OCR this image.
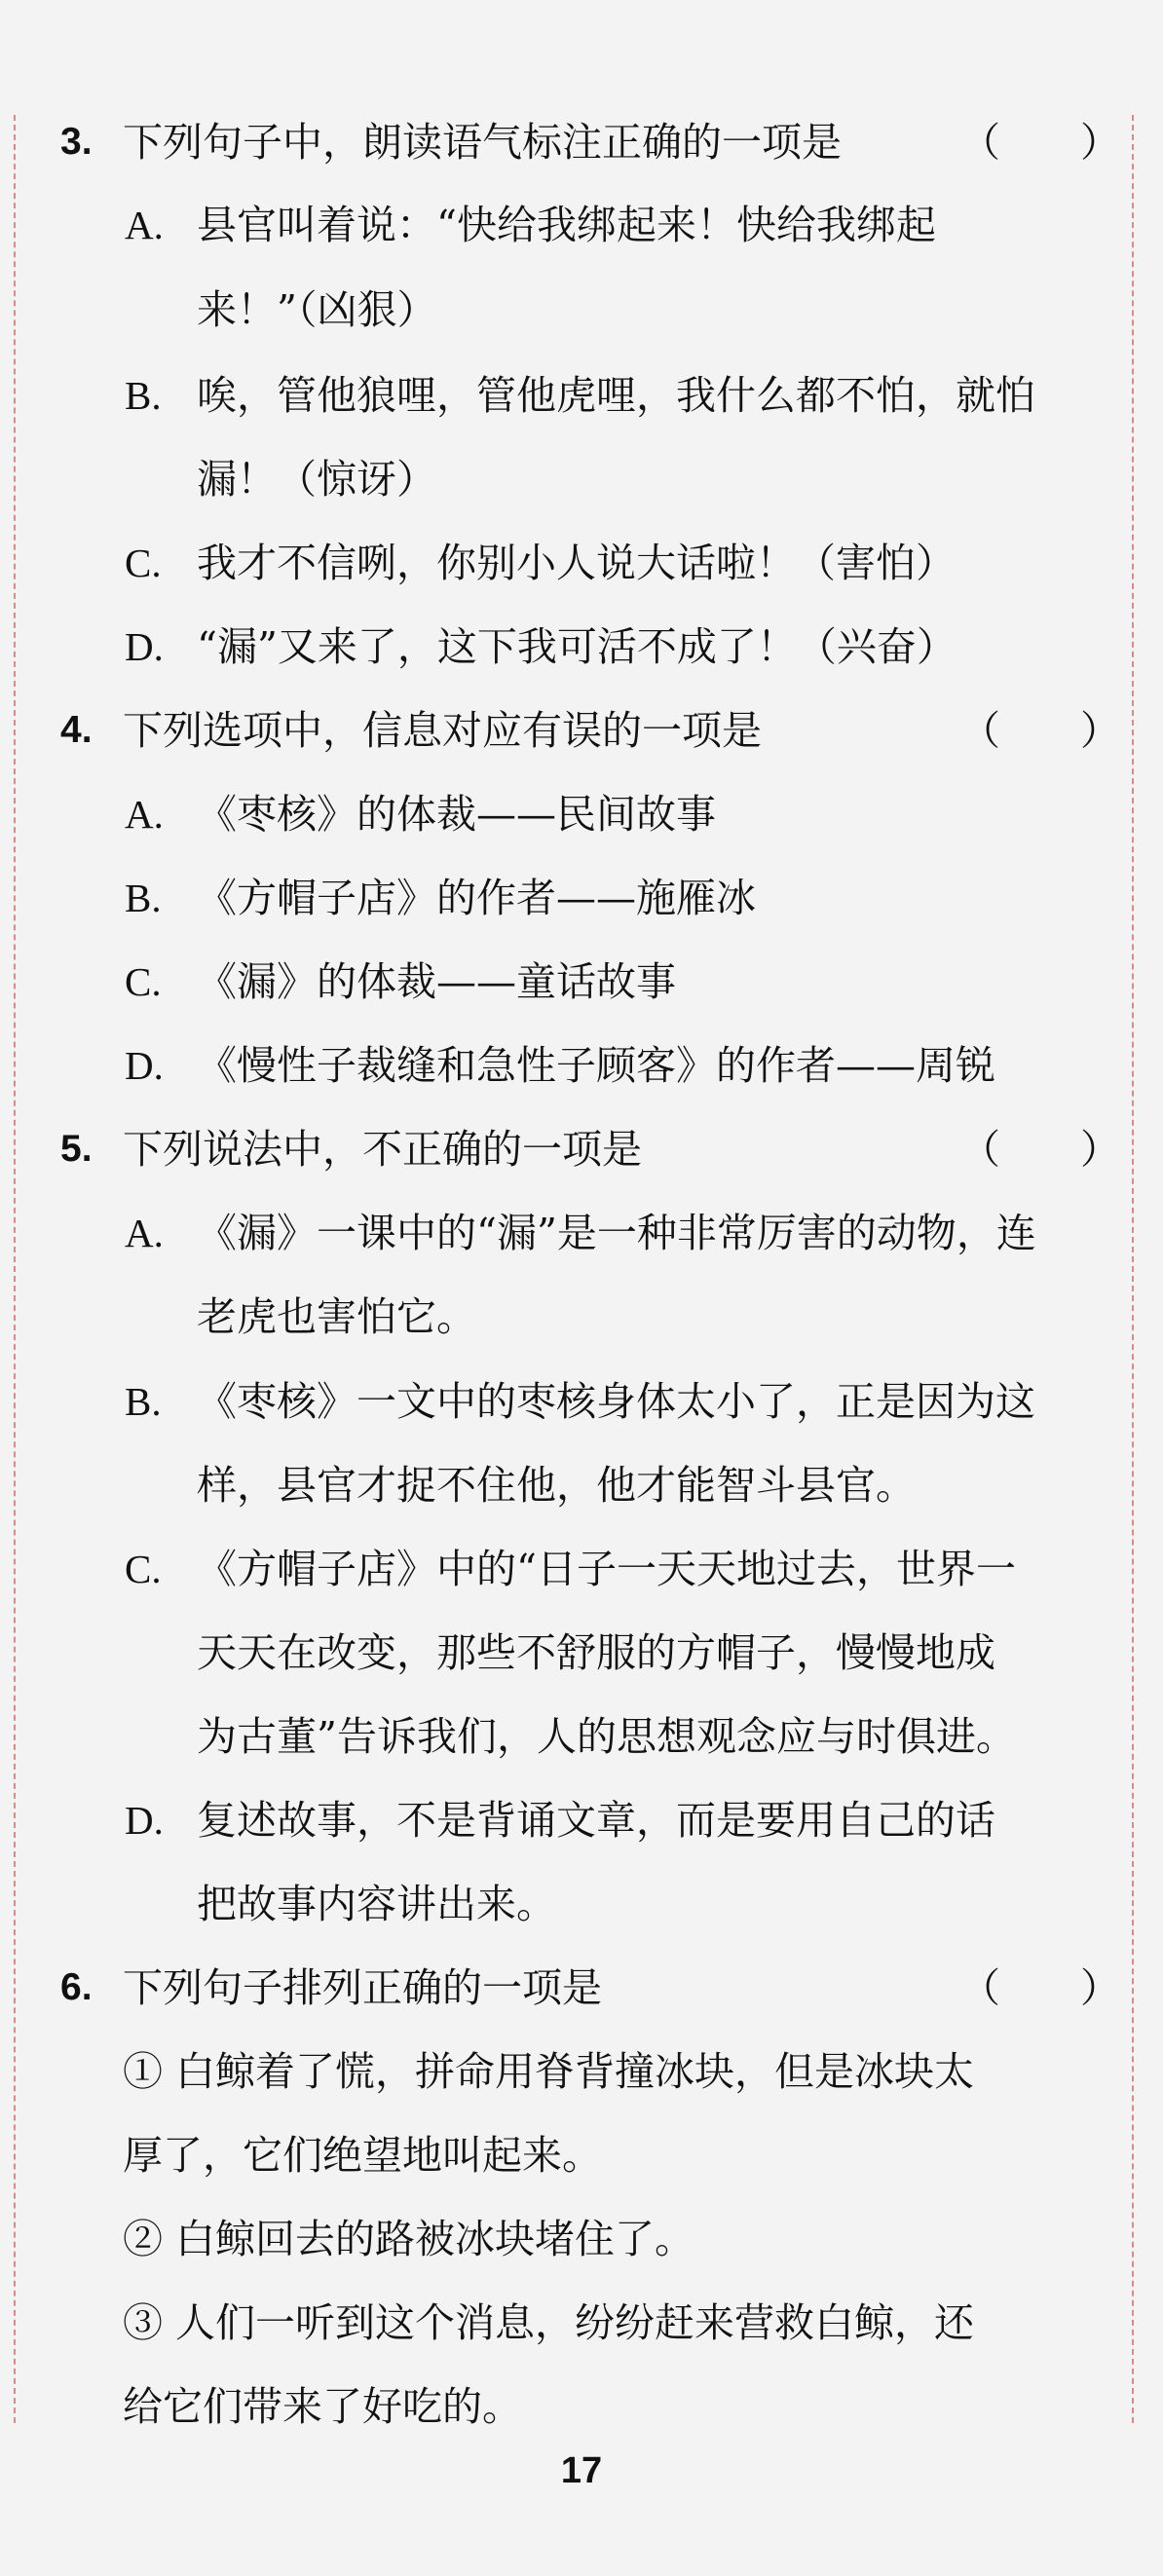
3. 下列句子中，朗读语气标注正确的一项是	（　　）
A. 县官叫着说：“快给我绑起来！快给我绑起
来！”（凶狠）
B. 唉，管他狼哩，管他虎哩，我什么都不怕，就怕
漏！（惊讶）
C. 我才不信咧，你别小人说大话啦！（害怕）
D. “漏”又来了，这下我可活不成了！（兴奋）
4. 下列选项中，信息对应有误的一项是	（　　）
A. 《枣核》的体裁——民间故事
B. 《方帽子店》的作者——施雁冰
C. 《漏》的体裁——童话故事
D. 《慢性子裁缝和急性子顾客》的作者——周锐
5. 下列说法中，不正确的一项是	（　　）
A. 《漏》一课中的“漏”是一种非常厉害的动物，连
老虎也害怕它。
B. 《枣核》一文中的枣核身体太小了，正是因为这
样，县官才捉不住他，他才能智斗县官。
C. 《方帽子店》中的“日子一天天地过去，世界一
天天在改变，那些不舒服的方帽子，慢慢地成
为古董”告诉我们，人的思想观念应与时俱进。
D. 复述故事，不是背诵文章，而是要用自己的话
把故事内容讲出来。
6. 下列句子排列正确的一项是	（　　）
① 白鲸着了慌，拼命用脊背撞冰块，但是冰块太
厚了，它们绝望地叫起来。
② 白鲸回去的路被冰块堵住了。
③ 人们一听到这个消息，纷纷赶来营救白鲸，还
给它们带来了好吃的。
17
